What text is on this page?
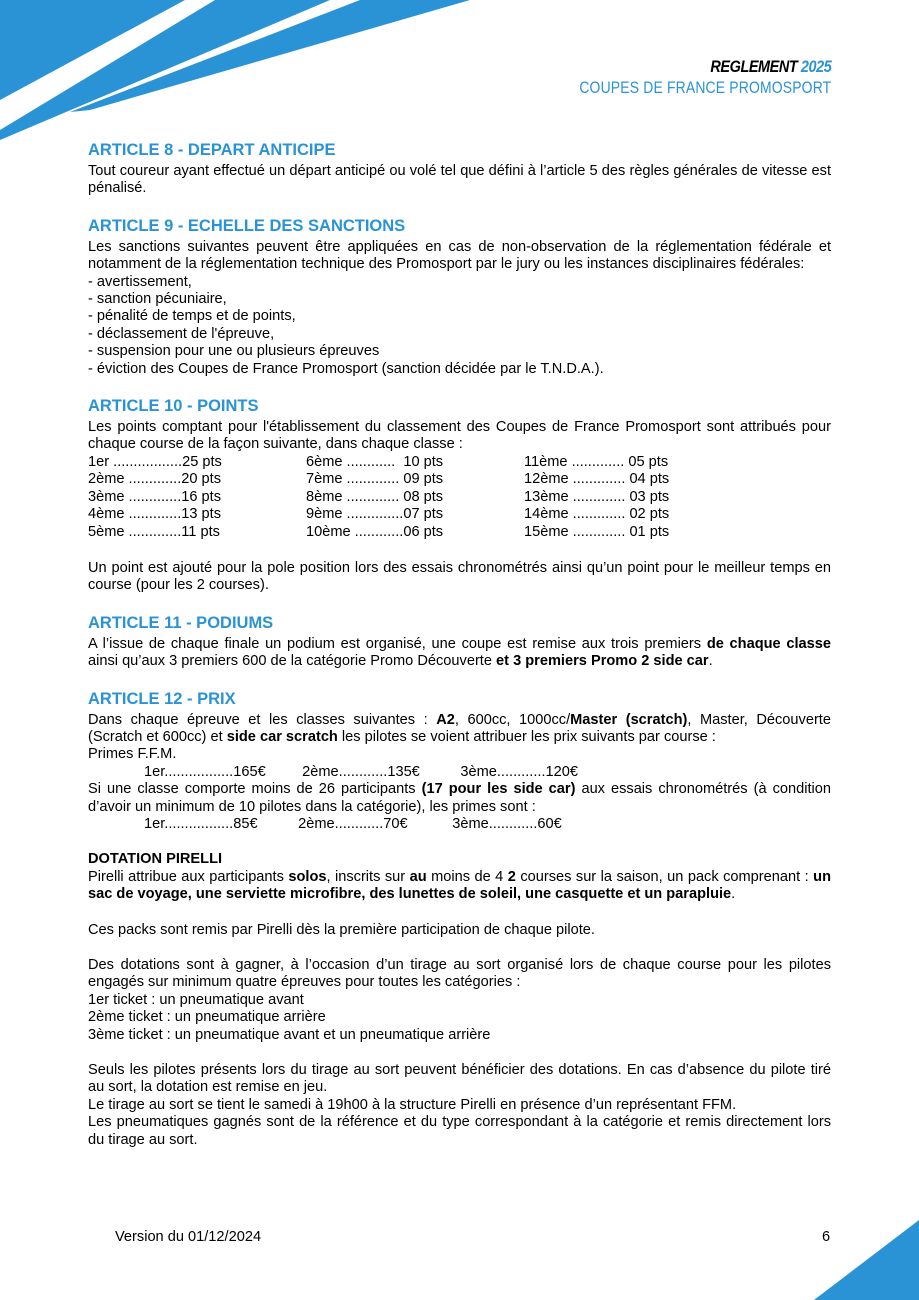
REGLEMENT 2025
COUPES DE FRANCE PROMOSPORT
ARTICLE 8 - DEPART ANTICIPE

Tout coureur ayant effectué un départ anticipé ou volé tel que défini à l’article 5 des règles générales de vitesse est pénalisé.

ARTICLE 9 - ECHELLE DES SANCTIONS

Les sanctions suivantes peuvent être appliquées en cas de non-observation de la réglementation fédérale et notamment de la réglementation technique des Promosport par le jury ou les instances disciplinaires fédérales:

- avertissement,
- sanction pécuniaire,
- pénalité de temps et de points,
- déclassement de l'épreuve,
- suspension pour une ou plusieurs épreuves
- éviction des Coupes de France Promosport (sanction décidée par le T.N.D.A.).
ARTICLE 10 - POINTS

Les points comptant pour l'établissement du classement des Coupes de France Promosport sont attribués pour chaque course de la façon suivante, dans chaque classe :

1er .................25 pts
2ème .............20 pts
3ème .............16 pts
4ème .............13 pts
5ème .............11 pts
6ème ............  10 pts
7ème ............. 09 pts
8ème ............. 08 pts
9ème ..............07 pts
10ème ............06 pts
11ème ............. 05 pts
12ème ............. 04 pts
13ème ............. 03 pts
14ème ............. 02 pts
15ème ............. 01 pts

Un point est ajouté pour la pole position lors des essais chronométrés ainsi qu’un point pour le meilleur temps en course (pour les 2 courses).

ARTICLE 11 - PODIUMS

A l’issue de chaque finale un podium est organisé, une coupe est remise aux trois premiers de chaque classe ainsi qu’aux 3 premiers 600 de la catégorie Promo Découverte et 3 premiers Promo 2 side car.

ARTICLE 12 - PRIX

Dans chaque épreuve et les classes suivantes : A2, 600cc, 1000cc/Master (scratch), Master, Découverte (Scratch et 600cc) et side car scratch les pilotes se voient attribuer les prix suivants par course :

Primes F.F.M.
1er.................165€         2ème............135€          3ème............120€

Si une classe comporte moins de 26 participants (17 pour les side car) aux essais chronométrés (à condition d’avoir un minimum de 10 pilotes dans la catégorie), les primes sont :

1er.................85€          2ème............70€           3ème............60€
DOTATION PIRELLI

Pirelli attribue aux participants solos, inscrits sur au moins de 4 2 courses sur la saison, un pack comprenant : un sac de voyage, une serviette microfibre, des lunettes de soleil, une casquette et un parapluie.

Ces packs sont remis par Pirelli dès la première participation de chaque pilote.

Des dotations sont à gagner, à l’occasion d’un tirage au sort organisé lors de chaque course pour les pilotes engagés sur minimum quatre épreuves pour toutes les catégories :

1er ticket : un pneumatique avant
2ème ticket : un pneumatique arrière
3ème ticket : un pneumatique avant et un pneumatique arrière

Seuls les pilotes présents lors du tirage au sort peuvent bénéficier des dotations. En cas d’absence du pilote tiré au sort, la dotation est remise en jeu.

Le tirage au sort se tient le samedi à 19h00 à la structure Pirelli en présence d’un représentant FFM.

Les pneumatiques gagnés sont de la référence et du type correspondant à la catégorie et remis directement lors du tirage au sort.

Version du 01/12/2024	6
